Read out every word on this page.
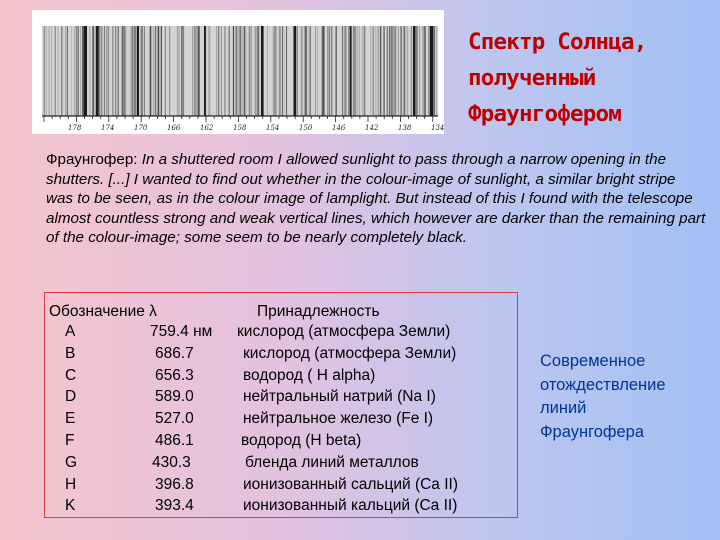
178	174	170	166	162	158	154	150	146	142	138	134
Спектр Солнца,
полученный
Фраунгофером

Фраунгофер: In a shuttered room I allowed sunlight to pass through a narrow opening in the shutters. [...] I wanted to find out whether in the colour-image of sunlight, a similar bright stripe was to be seen, as in the colour image of lamplight. But instead of this I found with the telescope almost countless strong and weak vertical lines, which however are darker than the remaining part of the colour-image; some seem to be nearly completely black.

Обозначение λ	Принадлежность
A	759.4 нм кислород (атмосфера Земли)
B	686.7	кислород (атмосфера Земли)
C	656.3	водород ( H alpha)
D	589.0	нейтральный натрий (Na I)
E	527.0	нейтральное железо (Fe I)
F	486.1	водород (H beta)
G	430.3	бленда линий металлов
H	396.8	ионизованный сальций (Ca II)
K	393.4	ионизованный кальций (Ca II)
Современное
отождествление
линий
Фраунгофера
